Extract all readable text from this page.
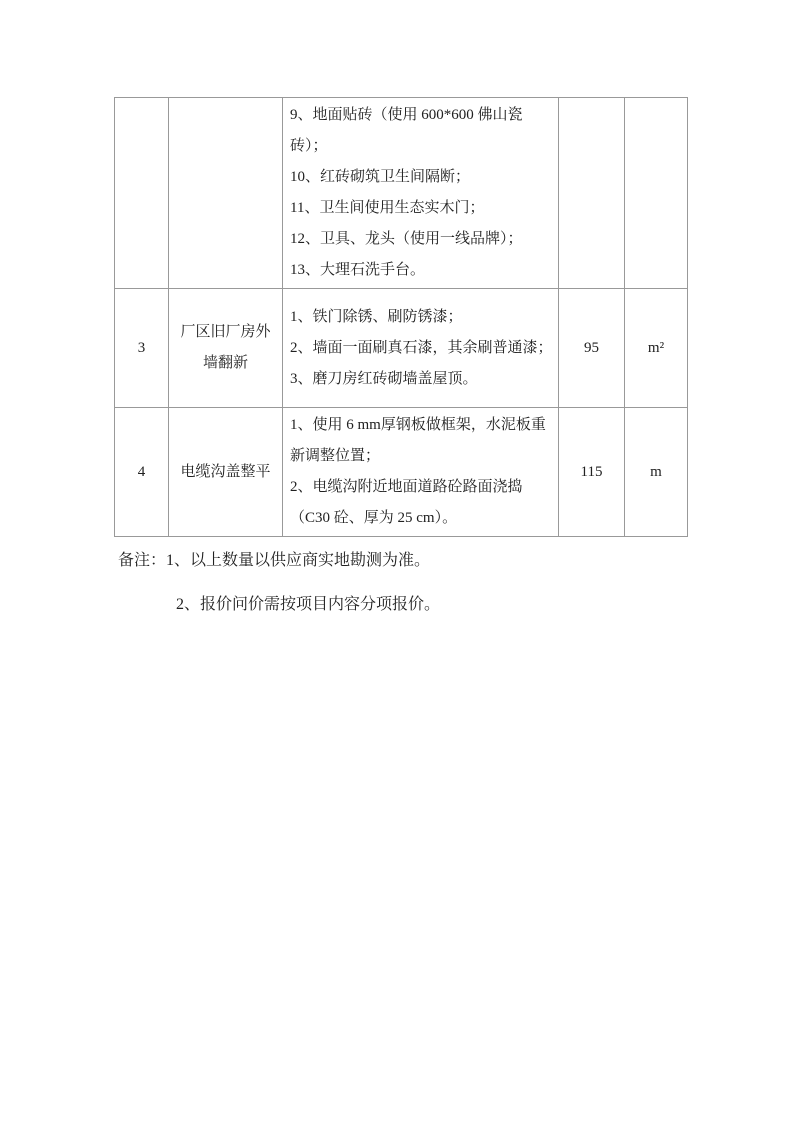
		9、地面贴砖（使用 600*600 佛山瓷砖）；
10、红砖砌筑卫生间隔断；
11、卫生间使用生态实木门；
12、卫具、龙头（使用一线品牌）；
13、大理石洗手台。		

3	厂区旧厂房外墙翻新	1、铁门除锈、刷防锈漆；
2、墙面一面刷真石漆，其余刷普通漆；
3、磨刀房红砖砌墙盖屋顶。	95	m²
4	电缆沟盖整平	1、使用 6 mm厚钢板做框架，水泥板重新调整位置；
2、电缆沟附近地面道路砼路面浇捣（C30 砼、厚为 25 cm）。	115	m
备注：1、以上数量以供应商实地勘测为准。
2、报价问价需按项目内容分项报价。
